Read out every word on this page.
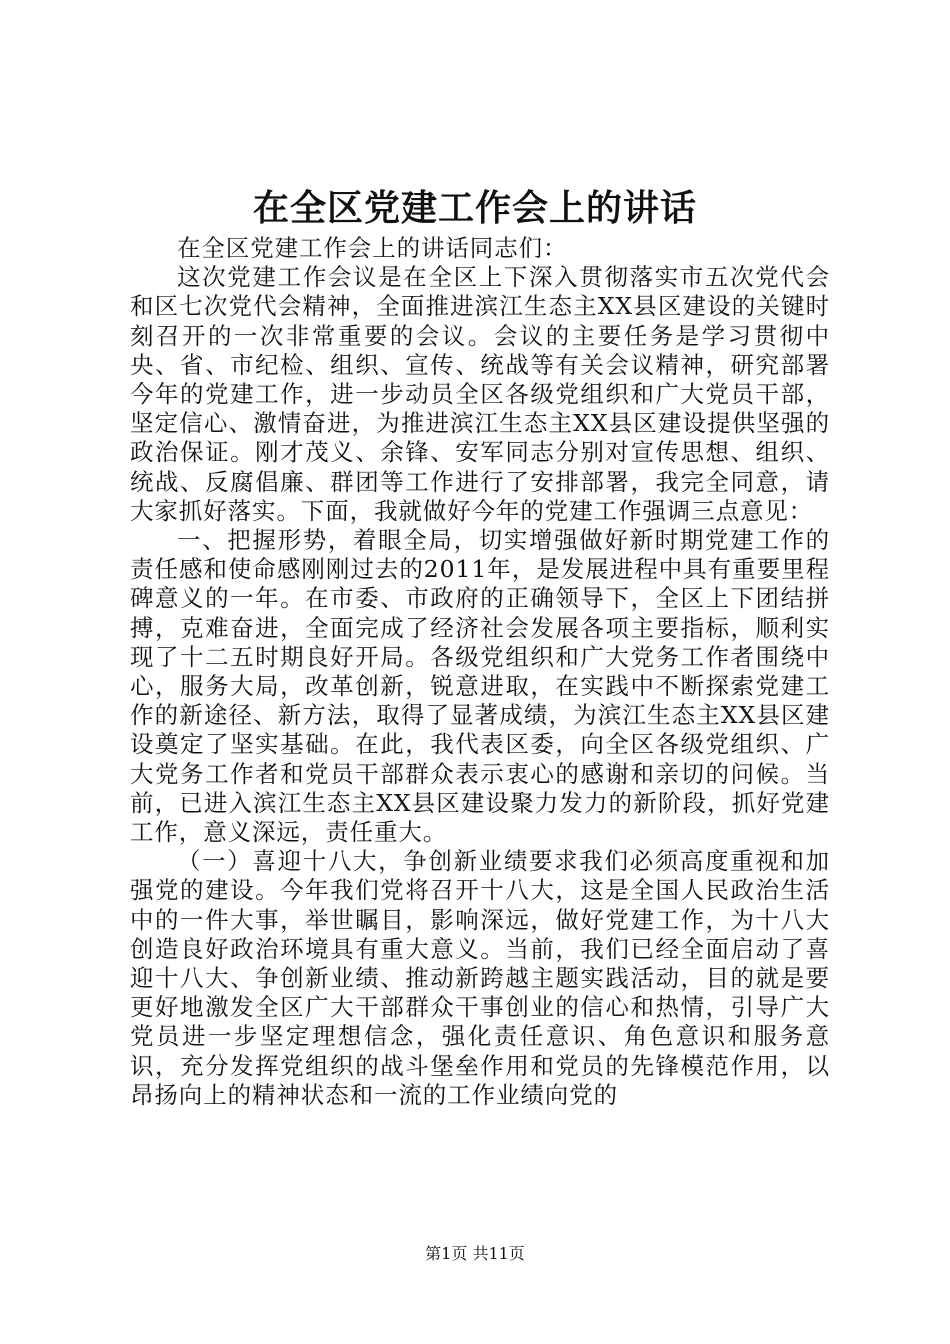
在全区党建工作会上的讲话

在全区党建工作会上的讲话同志们：

这次党建工作会议是在全区上下深入贯彻落实市五次党代会和区七次党代会精神，全面推进滨江生态主XX县区建设的关键时刻召开的一次非常重要的会议。会议的主要任务是学习贯彻中央、省、市纪检、组织、宣传、统战等有关会议精神，研究部署今年的党建工作，进一步动员全区各级党组织和广大党员干部，坚定信心、激情奋进，为推进滨江生态主XX县区建设提供坚强的政治保证。刚才茂义、余锋、安军同志分别对宣传思想、组织、统战、反腐倡廉、群团等工作进行了安排部署，我完全同意，请大家抓好落实。下面，我就做好今年的党建工作强调三点意见：

一、把握形势，着眼全局，切实增强做好新时期党建工作的责任感和使命感刚刚过去的2011年，是发展进程中具有重要里程碑意义的一年。在市委、市政府的正确领导下，全区上下团结拼搏，克难奋进，全面完成了经济社会发展各项主要指标，顺利实现了十二五时期良好开局。各级党组织和广大党务工作者围绕中心，服务大局，改革创新，锐意进取，在实践中不断探索党建工作的新途径、新方法，取得了显著成绩，为滨江生态主XX县区建设奠定了坚实基础。在此，我代表区委，向全区各级党组织、广大党务工作者和党员干部群众表示衷心的感谢和亲切的问候。当前，已进入滨江生态主XX县区建设聚力发力的新阶段，抓好党建工作，意义深远，责任重大。

（一）喜迎十八大，争创新业绩要求我们必须高度重视和加强党的建设。今年我们党将召开十八大，这是全国人民政治生活中的一件大事，举世瞩目，影响深远，做好党建工作，为十八大创造良好政治环境具有重大意义。当前，我们已经全面启动了喜迎十八大、争创新业绩、推动新跨越主题实践活动，目的就是要更好地激发全区广大干部群众干事创业的信心和热情，引导广大党员进一步坚定理想信念，强化责任意识、角色意识和服务意识，充分发挥党组织的战斗堡垒作用和党员的先锋模范作用，以昂扬向上的精神状态和一流的工作业绩向党的

第1页 共11页
